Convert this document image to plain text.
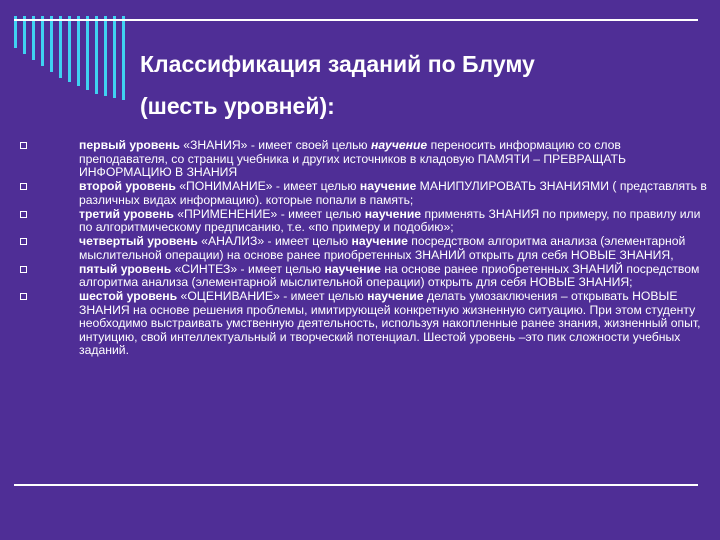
Классификация заданий по Блуму
(шесть уровней):
первый уровень «ЗНАНИЯ» - имеет своей целью научение переносить информацию со слов преподавателя, со страниц учебника и других источников в кладовую ПАМЯТИ – ПРЕВРАЩАТЬ ИНФОРМАЦИЮ В ЗНАНИЯ
второй уровень «ПОНИМАНИЕ» - имеет целью научение МАНИПУЛИРОВАТЬ ЗНАНИЯМИ ( представлять в различных видах информацию). которые попали в память;
третий уровень «ПРИМЕНЕНИЕ» - имеет целью научение применять ЗНАНИЯ по примеру, по правилу или по алгоритмическому предписанию, т.е. «по примеру и подобию»;
четвертый уровень «АНАЛИЗ» - имеет целью научение посредством алгоритма анализа (элементарной мыслительной операции) на основе ранее приобретенных ЗНАНИЙ открыть для себя НОВЫЕ ЗНАНИЯ,
пятый уровень «СИНТЕЗ» - имеет целью научение на основе ранее приобретенных ЗНАНИЙ посредством алгоритма анализа (элементарной мыслительной операции) открыть для себя НОВЫЕ ЗНАНИЯ;
шестой уровень «ОЦЕНИВАНИЕ» - имеет целью научение делать умозаключения – открывать НОВЫЕ ЗНАНИЯ на основе решения проблемы, имитирующей конкретную жизненную ситуацию. При этом студенту необходимо выстраивать умственную деятельность, используя накопленные ранее знания, жизненный опыт, интуицию, свой интеллектуальный и творческий потенциал. Шестой уровень –это пик сложности учебных заданий.
